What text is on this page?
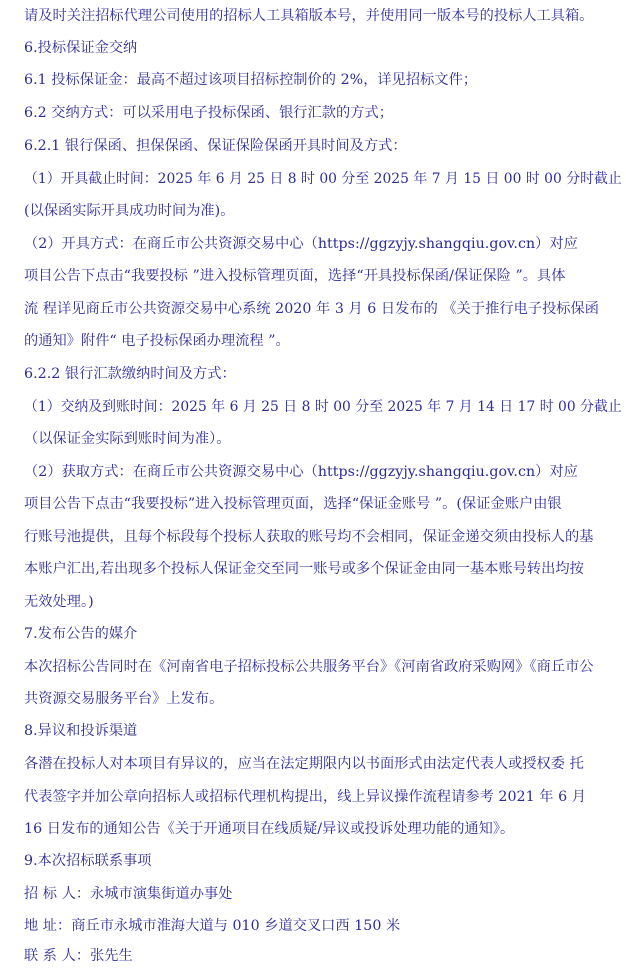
请及时关注招标代理公司使用的招标人工具箱版本号，并使用同一版本号的投标人工具箱。
6.投标保证金交纳
6.1 投标保证金：最高不超过该项目招标控制价的 2%，详见招标文件；
6.2 交纳方式：可以采用电子投标保函、银行汇款的方式；
6.2.1 银行保函、担保保函、保证保险保函开具时间及方式：
（1）开具截止时间：2025 年 6 月 25 日 8 时 00 分至 2025 年 7 月 15 日 00 时 00 分时截止
(以保函实际开具成功时间为准)。
（2）开具方式：在商丘市公共资源交易中心（https://ggzyjy.shangqiu.gov.cn）对应
项目公告下点击“我要投标 ”进入投标管理页面，选择“开具投标保函/保证保险 ”。具体
流 程详见商丘市公共资源交易中心系统 2020 年 3 月 6 日发布的 《关于推行电子投标保函
的通知》附件“ 电子投标保函办理流程 ”。
6.2.2 银行汇款缴纳时间及方式：
（1）交纳及到账时间：2025 年 6 月 25 日 8 时 00 分至 2025 年 7 月 14 日 17 时 00 分截止
（以保证金实际到账时间为准）。
（2）获取方式：在商丘市公共资源交易中心（https://ggzyjy.shangqiu.gov.cn）对应
项目公告下点击“我要投标”进入投标管理页面，选择“保证金账号 ”。(保证金账户由银
行账号池提供，且每个标段每个投标人获取的账号均不会相同，保证金递交须由投标人的基
本账户汇出,若出现多个投标人保证金交至同一账号或多个保证金由同一基本账号转出均按
无效处理。)
7.发布公告的媒介
本次招标公告同时在《河南省电子招标投标公共服务平台》《河南省政府采购网》《商丘市公
共资源交易服务平台》上发布。
8.异议和投诉渠道
各潜在投标人对本项目有异议的，应当在法定期限内以书面形式由法定代表人或授权委 托
代表签字并加公章向招标人或招标代理机构提出，线上异议操作流程请参考 2021 年 6 月
16 日发布的通知公告《关于开通项目在线质疑/异议或投诉处理功能的通知》。
9.本次招标联系事项
招 标 人：永城市演集街道办事处
地 址：商丘市永城市淮海大道与 010 乡道交叉口西 150 米
联 系 人：张先生
